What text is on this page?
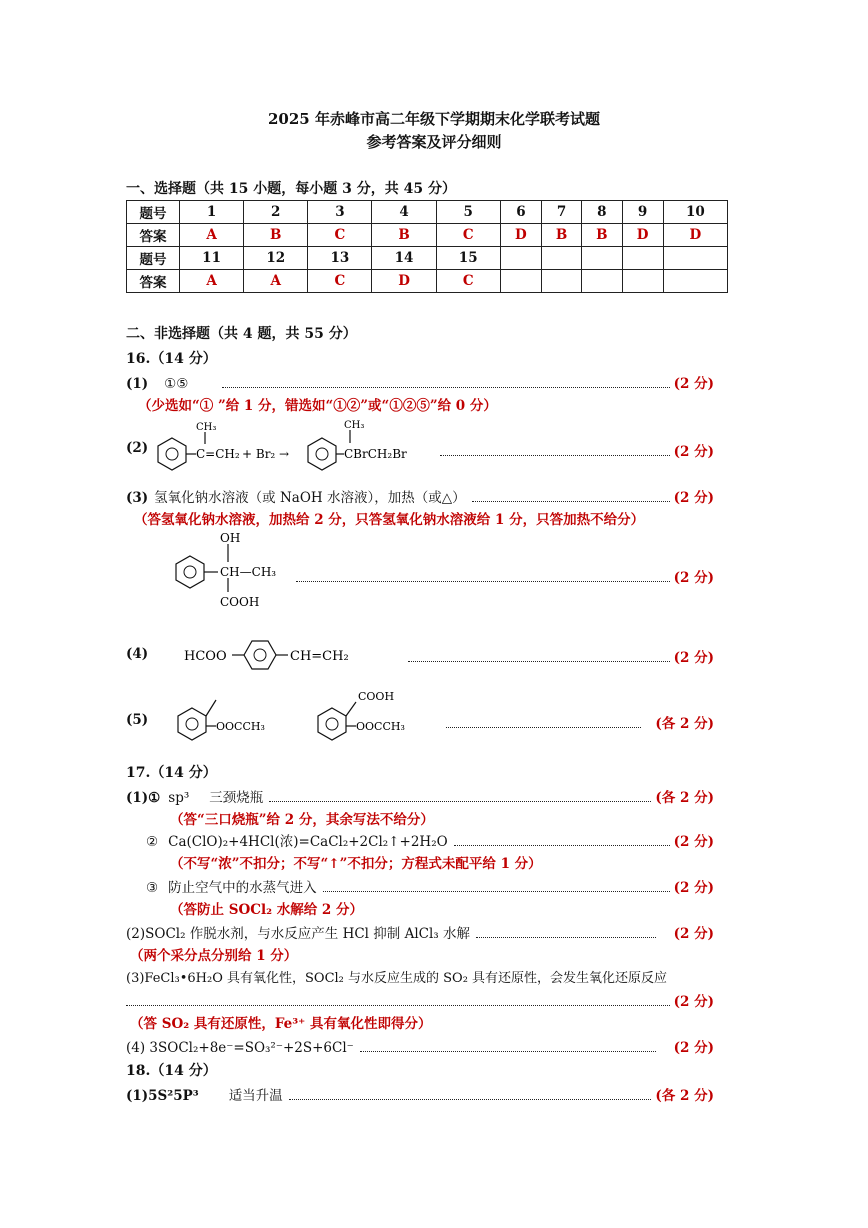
2025 年赤峰市高二年级下学期期末化学联考试题
参考答案及评分细则
一、选择题（共 15 小题，每小题 3 分，共 45 分）
题号	1	2	3	4	5	6	7	8	9	10
答案	A	B	C	B	C	D	B	B	D	D
题号	11	12	13	14	15					
答案	A	A	C	D	C					
二、非选择题（共 4 题，共 55 分）
16.（14 分）
(1) ①⑤	(2 分)
（少选如“① ”给 1 分，错选如“①②”或“①②⑤”给 0 分）
(2)
CH₃
C=CH₂ + Br₂ →
CH₃
CBrCH₂Br	(2 分)
(3) 氢氧化钠水溶液（或 NaOH 水溶液），加热（或△）	(2 分)
（答氢氧化钠水溶液，加热给 2 分，只答氢氧化钠水溶液给 1 分，只答加热不给分）
OH
CH—CH₃
COOH
(2 分)
(4)	HCOO	CH=CH₂	(2 分)
(5)	OOCCH₃
COOH
OOCCH₃	(各 2 分)
17.（14 分）
(1)① sp³ 三颈烧瓶	(各 2 分)
（答“三口烧瓶”给 2 分，其余写法不给分）
② Ca(ClO)₂+4HCl(浓)=CaCl₂+2Cl₂↑+2H₂O	(2 分)
（不写“浓”不扣分；不写“↑”不扣分；方程式未配平给 1 分）
③ 防止空气中的水蒸气进入	(2 分)
（答防止 SOCl₂ 水解给 2 分）
(2)SOCl₂ 作脱水剂，与水反应产生 HCl 抑制 AlCl₃ 水解	(2 分)
（两个采分点分别给 1 分）
(3)FeCl₃•6H₂O 具有氧化性，SOCl₂ 与水反应生成的 SO₂ 具有还原性，会发生氧化还原反应
(2 分)
（答 SO₂ 具有还原性，Fe³⁺ 具有氧化性即得分）
(4) 3SOCl₂+8e⁻=SO₃²⁻+2S+6Cl⁻	(2 分)
18.（14 分）
(1)5S²5P³ 适当升温	(各 2 分)
